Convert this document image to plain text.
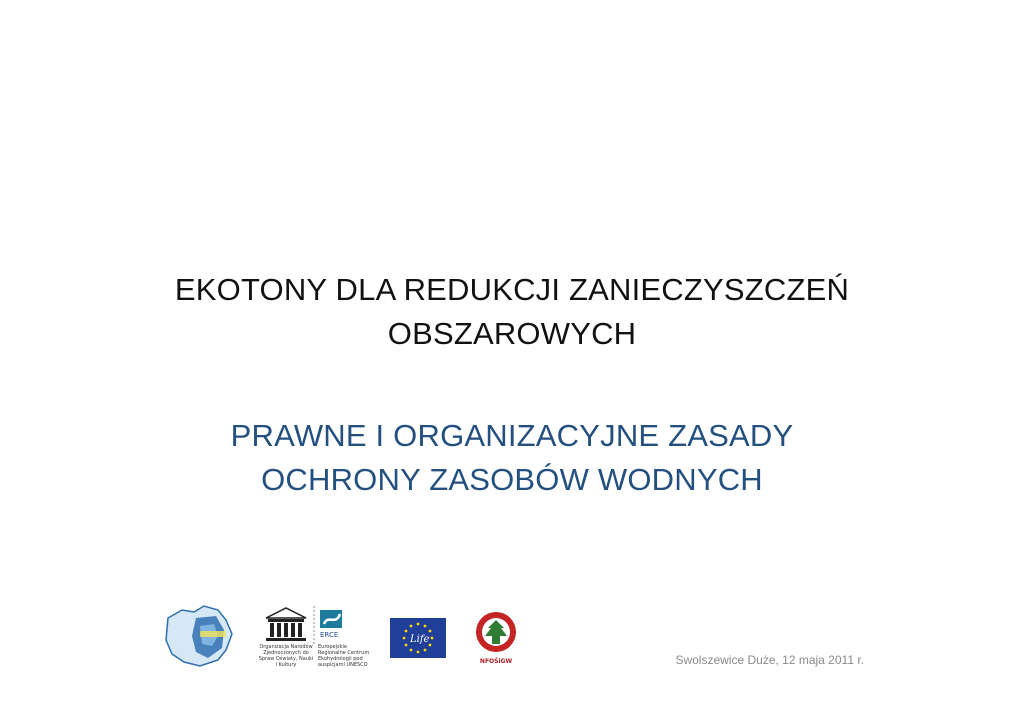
EKOTONY DLA REDUKCJI ZANIECZYSZCZEŃ
OBSZAROWYCH
PRAWNE I ORGANIZACYJNE ZASADY
OCHRONY ZASOBÓW WODNYCH
ERCE
Organizacja Narodów Zjednoczonych do Spraw Oświaty, Nauki i Kultury
Europejskie Regionalne Centrum Ekohydrologii pod auspicjami UNESCO
Life
NFOŚiGW	Swolszewice Duże, 12 maja 2011 r.
